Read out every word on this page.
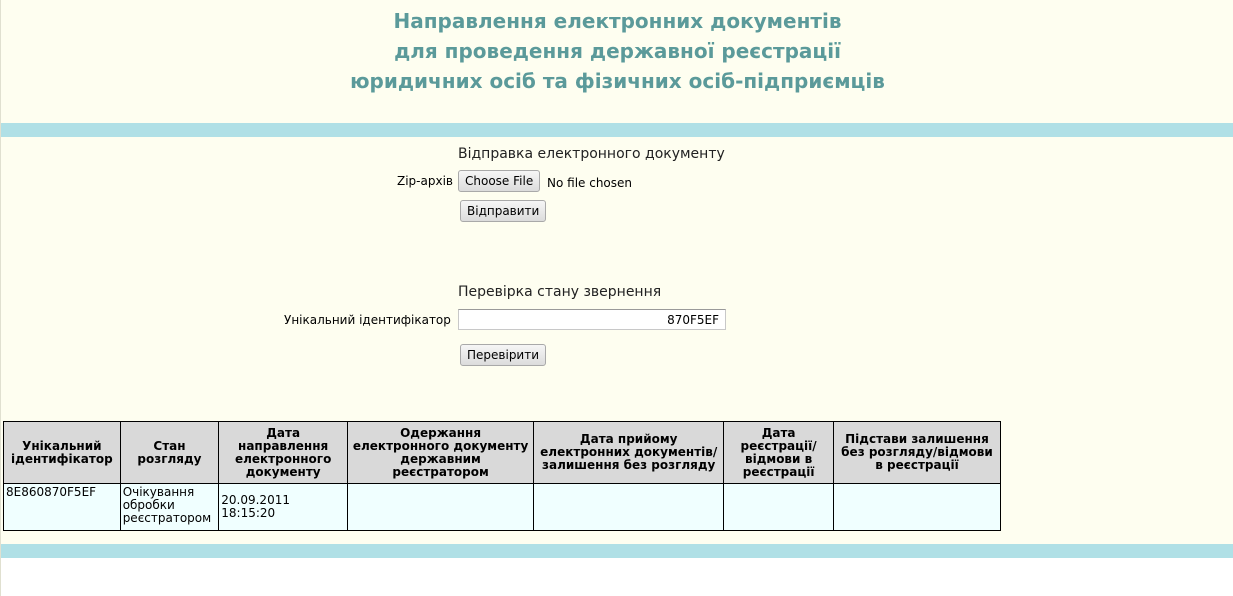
Направлення електронних документів
для проведення державної реєстрації
юридичних осіб та фізичних осіб-підприємців
Відправка електронного документу
Zip-архів	Choose File	No file chosen
Відправити
Перевірка стану звернення
Унікальний ідентифікатор
870F5EF
Перевірити
Унікальний ідентифікатор	Стан розгляду	Дата направлення електронного документу	Одержання електронного документу державним реєстратором	Дата прийому електронних документів/залишення без розгляду	Дата реєстрації/ відмови в реєстрації	Підстави залишення без розгляду/відмови в реєстрації
8E860870F5EF	Очікування обробки реєстратором	20.09.2011 18:15:20				
